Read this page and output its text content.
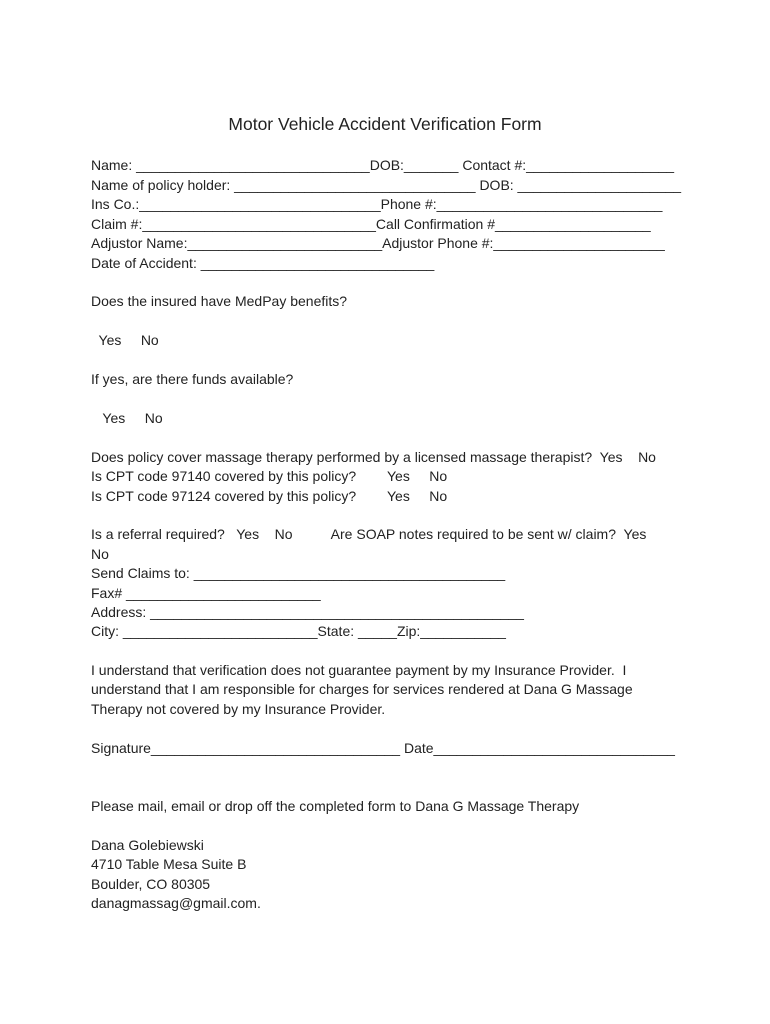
Motor Vehicle Accident Verification Form
Name: ______________________________DOB:_______ Contact #:___________________
Name of policy holder: _______________________________ DOB: _____________________
Ins Co.:_______________________________Phone #:_____________________________
Claim #:______________________________Call Confirmation #____________________
Adjustor Name:_________________________Adjustor Phone #:______________________
Date of Accident: ______________________________
Does the insured have MedPay benefits?
Yes     No
If yes, are there funds available?
Yes     No
Does policy cover massage therapy performed by a licensed massage therapist?  Yes    No
Is CPT code 97140 covered by this policy?        Yes     No
Is CPT code 97124 covered by this policy?        Yes     No
Is a referral required?   Yes    No          Are SOAP notes required to be sent w/ claim?  Yes
No
Send Claims to: ________________________________________
Fax# _________________________
Address: ________________________________________________
City: _________________________State: _____Zip:___________
I understand that verification does not guarantee payment by my Insurance Provider.  I
understand that I am responsible for charges for services rendered at Dana G Massage
Therapy not covered by my Insurance Provider.
Signature________________________________ Date_______________________________
Please mail, email or drop off the completed form to Dana G Massage Therapy
Dana Golebiewski
4710 Table Mesa Suite B
Boulder, CO 80305
danagmassag@gmail.com.
